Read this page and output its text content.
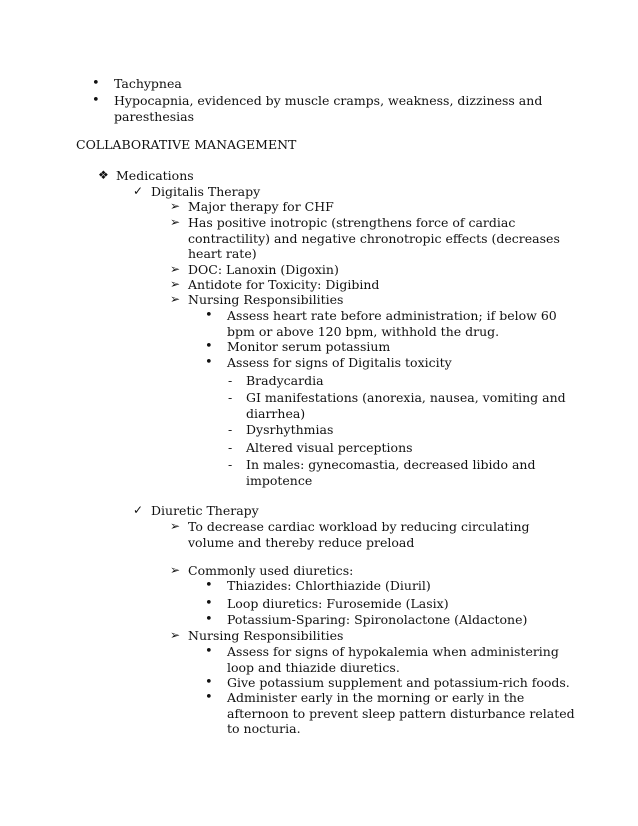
•	Tachypnea
•	Hypocapnia, evidenced by muscle cramps, weakness, dizziness and paresthesias
COLLABORATIVE MANAGEMENT
❖ Medications
✓ Digitalis Therapy
➢ Major therapy for CHF
➢ Has positive inotropic (strengthens force of cardiac contractility) and negative chronotropic effects (decreases heart rate)
➢ DOC: Lanoxin (Digoxin)
➢ Antidote for Toxicity: Digibind
➢ Nursing Responsibilities
•	Assess heart rate before administration; if below 60 bpm or above 120 bpm, withhold the drug.
•	Monitor serum potassium
•	Assess for signs of Digitalis toxicity
-	Bradycardia
-	GI manifestations (anorexia, nausea, vomiting and diarrhea)
-	Dysrhythmias
-	Altered visual perceptions
-	In males: gynecomastia, decreased libido and impotence
✓ Diuretic Therapy
➢ To decrease cardiac workload by reducing circulating volume and thereby reduce preload
➢ Commonly used diuretics:
•	Thiazides: Chlorthiazide (Diuril)
•	Loop diuretics: Furosemide (Lasix)
•	Potassium-Sparing: Spironolactone (Aldactone)
➢ Nursing Responsibilities
•	Assess for signs of hypokalemia when administering loop and thiazide diuretics.
•	Give potassium supplement and potassium-rich foods.
•	Administer early in the morning or early in the afternoon to prevent sleep pattern disturbance related to nocturia.
